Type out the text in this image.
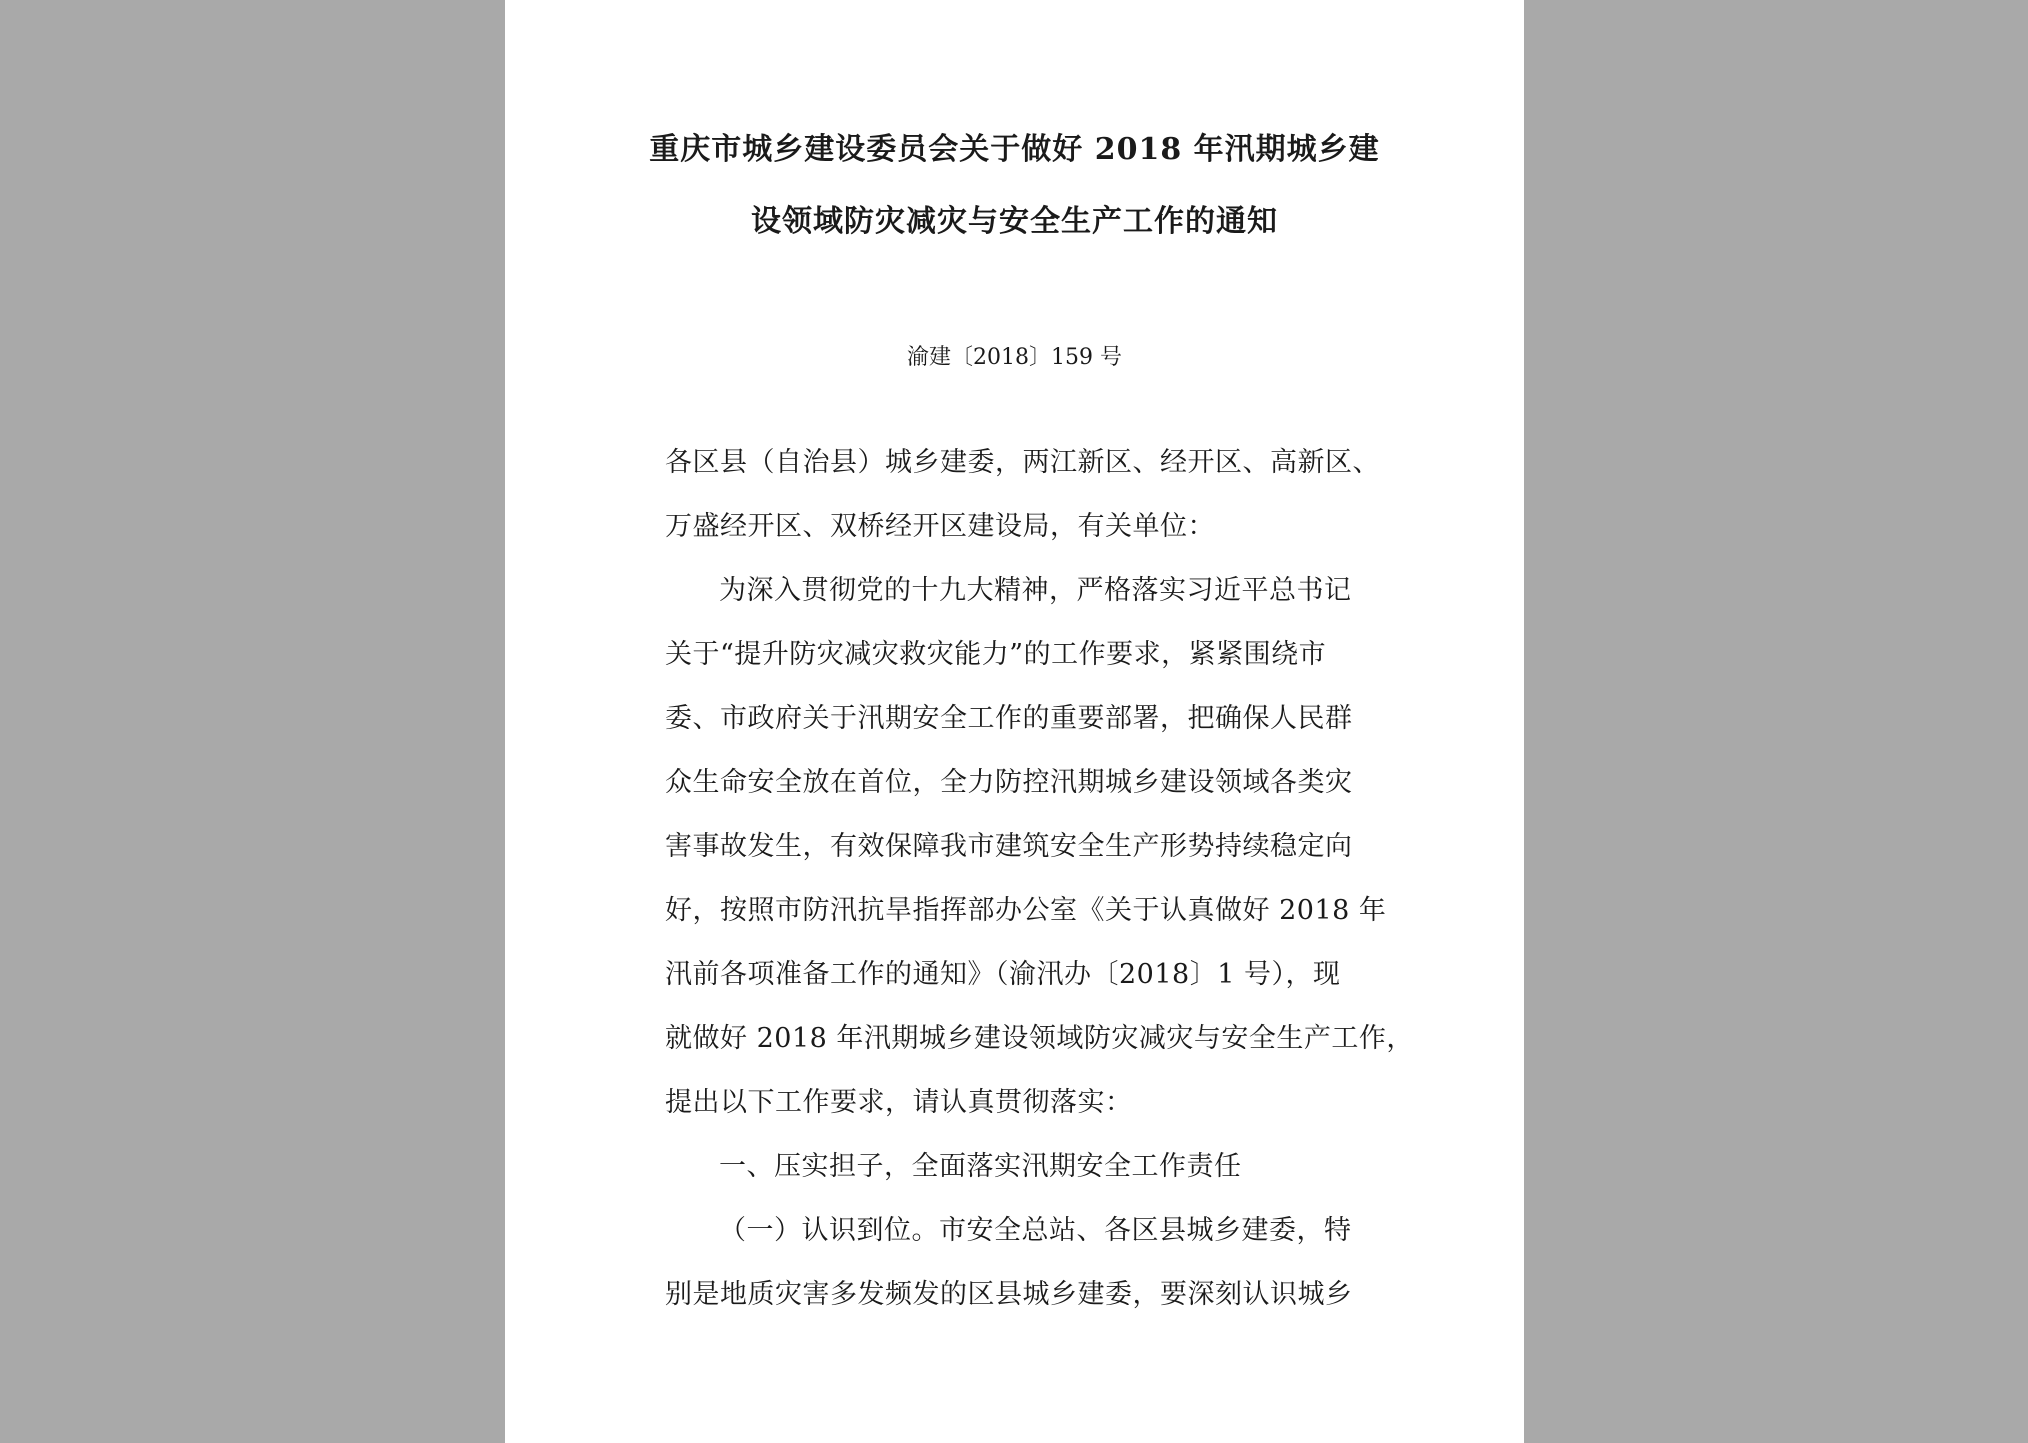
重庆市城乡建设委员会关于做好 2018 年汛期城乡建
设领域防灾减灾与安全生产工作的通知
渝建〔2018〕159 号
各区县（自治县）城乡建委，两江新区、经开区、高新区、
万盛经开区、双桥经开区建设局，有关单位：
为深入贯彻党的十九大精神，严格落实习近平总书记
关于“提升防灾减灾救灾能力”的工作要求，紧紧围绕市
委、市政府关于汛期安全工作的重要部署，把确保人民群
众生命安全放在首位，全力防控汛期城乡建设领域各类灾
害事故发生，有效保障我市建筑安全生产形势持续稳定向
好，按照市防汛抗旱指挥部办公室《关于认真做好 2018 年
汛前各项准备工作的通知》（渝汛办〔2018〕1 号），现
就做好 2018 年汛期城乡建设领域防灾减灾与安全生产工作，
提出以下工作要求，请认真贯彻落实：
一、压实担子，全面落实汛期安全工作责任
（一）认识到位。市安全总站、各区县城乡建委，特
别是地质灾害多发频发的区县城乡建委，要深刻认识城乡
